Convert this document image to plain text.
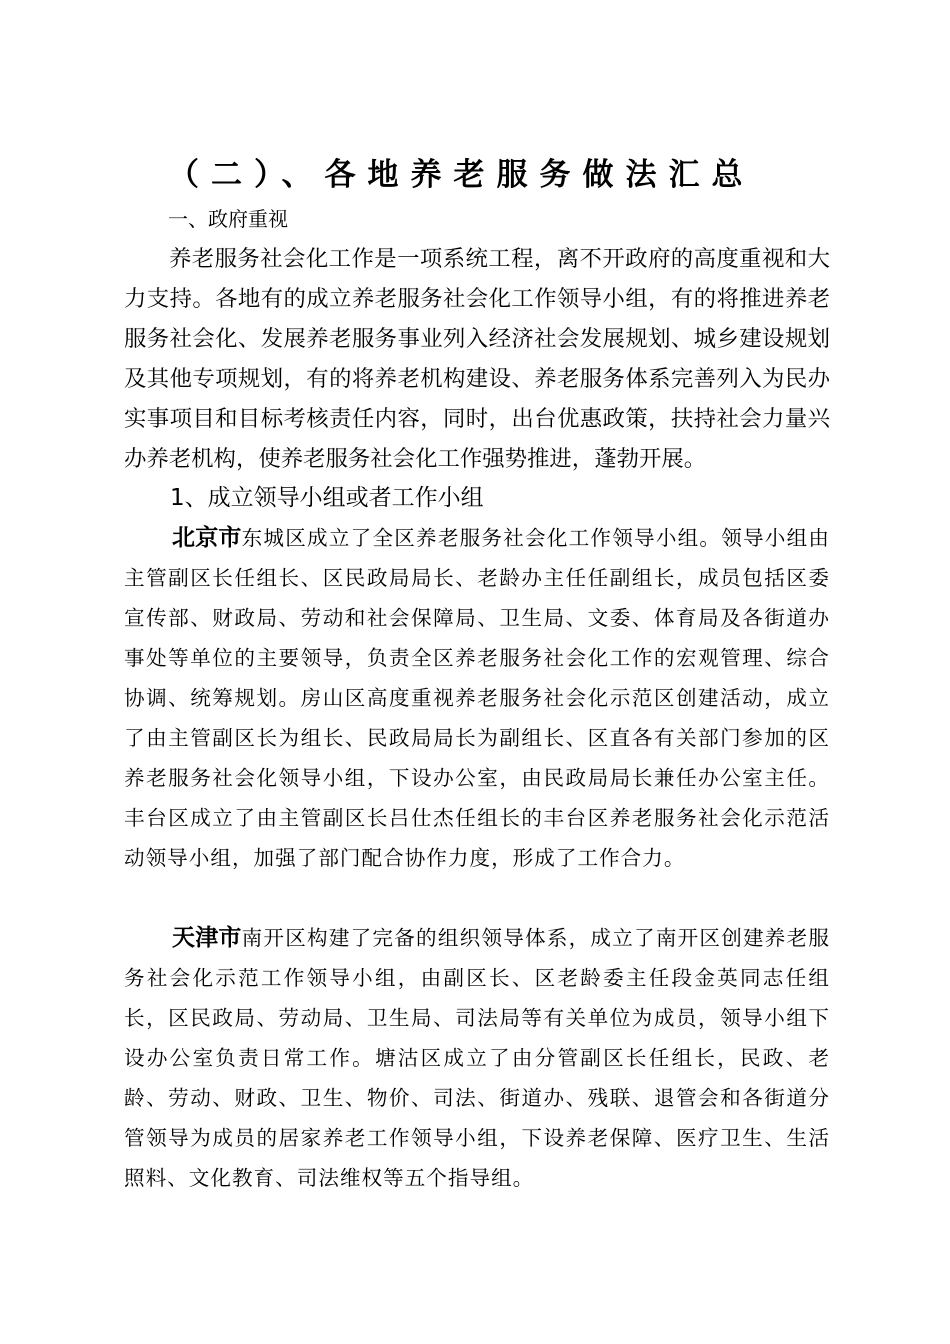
（二）、各地养老服务做法汇总
一、政府重视

养老服务社会化工作是一项系统工程，离不开政府的高度重视和大力支持。各地有的成立养老服务社会化工作领导小组，有的将推进养老服务社会化、发展养老服务事业列入经济社会发展规划、城乡建设规划及其他专项规划，有的将养老机构建设、养老服务体系完善列入为民办实事项目和目标考核责任内容，同时，出台优惠政策，扶持社会力量兴办养老机构，使养老服务社会化工作强势推进，蓬勃开展。

1、成立领导小组或者工作小组

北京市东城区成立了全区养老服务社会化工作领导小组。领导小组由主管副区长任组长、区民政局局长、老龄办主任任副组长，成员包括区委宣传部、财政局、劳动和社会保障局、卫生局、文委、体育局及各街道办事处等单位的主要领导，负责全区养老服务社会化工作的宏观管理、综合协调、统筹规划。房山区高度重视养老服务社会化示范区创建活动，成立了由主管副区长为组长、民政局局长为副组长、区直各有关部门参加的区养老服务社会化领导小组，下设办公室，由民政局局长兼任办公室主任。丰台区成立了由主管副区长吕仕杰任组长的丰台区养老服务社会化示范活动领导小组，加强了部门配合协作力度，形成了工作合力。

天津市南开区构建了完备的组织领导体系，成立了南开区创建养老服务社会化示范工作领导小组，由副区长、区老龄委主任段金英同志任组长，区民政局、劳动局、卫生局、司法局等有关单位为成员，领导小组下设办公室负责日常工作。塘沽区成立了由分管副区长任组长，民政、老龄、劳动、财政、卫生、物价、司法、街道办、残联、退管会和各街道分管领导为成员的居家养老工作领导小组，下设养老保障、医疗卫生、生活照料、文化教育、司法维权等五个指导组。
